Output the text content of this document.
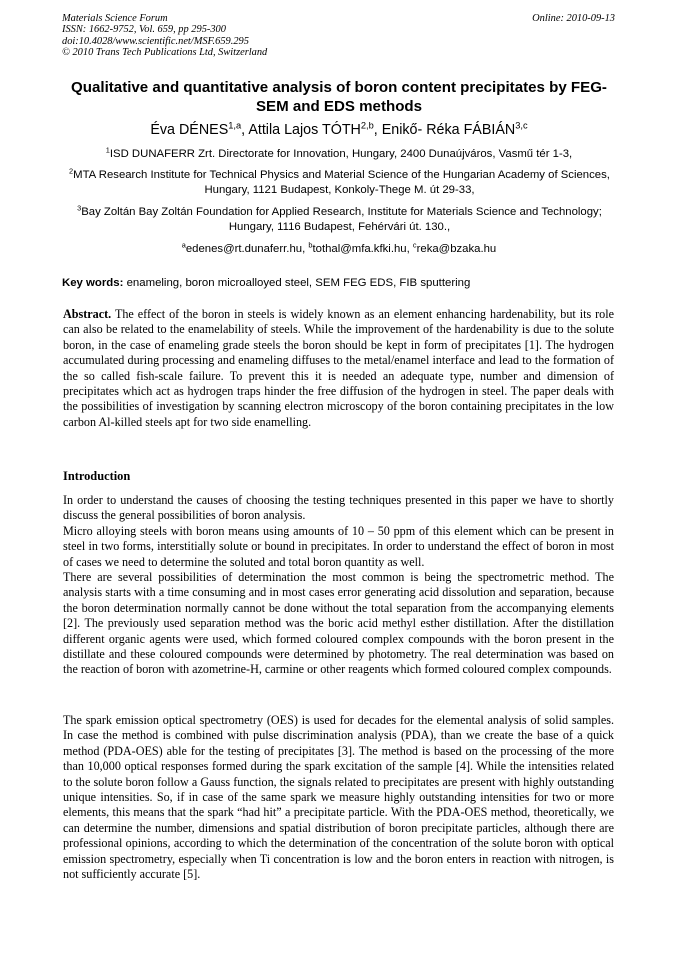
Materials Science Forum
ISSN: 1662-9752, Vol. 659, pp 295-300
doi:10.4028/www.scientific.net/MSF.659.295
© 2010 Trans Tech Publications Ltd, Switzerland
Online: 2010-09-13
Qualitative and quantitative analysis of boron content precipitates by FEG-SEM and EDS methods
Éva DÉNES$^{1,a}$, Attila Lajos TÓTH$^{2,b}$, Enikő- Réka FÁBIÁN$^{3,c}$
$^1$ISD DUNAFERR Zrt. Directorate for Innovation, Hungary, 2400 Dunaújváros, Vasmű tér 1-3,
$^2$MTA Research Institute for Technical Physics and Material Science of the Hungarian Academy of Sciences, Hungary, 1121 Budapest, Konkoly-Thege M. út 29-33,
$^3$Bay Zoltán Bay Zoltán Foundation for Applied Research, Institute for Materials Science and Technology; Hungary, 1116 Budapest, Fehérvári út. 130.,
$^a$edenes@rt.dunaferr.hu, $^b$tothal@mfa.kfki.hu, $^c$reka@bzaka.hu
Key words: enameling, boron microalloyed steel, SEM FEG EDS, FIB sputtering
Abstract. The effect of the boron in steels is widely known as an element enhancing hardenability, but its role can also be related to the enamelability of steels. While the improvement of the hardenability is due to the solute boron, in the case of enameling grade steels the boron should be kept in form of precipitates [1]. The hydrogen accumulated during processing and enameling diffuses to the metal/enamel interface and lead to the formation of the so called fish-scale failure. To prevent this it is needed an adequate type, number and dimension of precipitates which act as hydrogen traps hinder the free diffusion of the hydrogen in steel. The paper deals with the possibilities of investigation by scanning electron microscopy of the boron containing precipitates in the low carbon Al-killed steels apt for two side enamelling.
Introduction
In order to understand the causes of choosing the testing techniques presented in this paper we have to shortly discuss the general possibilities of boron analysis.
Micro alloying steels with boron means using amounts of 10 – 50 ppm of this element which can be present in steel in two forms, interstitially solute or bound in precipitates. In order to understand the effect of boron in most of cases we need to determine the soluted and total boron quantity as well.
There are several possibilities of determination the most common is being the spectrometric method. The analysis starts with a time consuming and in most cases error generating acid dissolution and separation, because the boron determination normally cannot be done without the total separation from the accompanying elements [2]. The previously used separation method was the boric acid methyl esther distillation. After the distillation different organic agents were used, which formed coloured complex compounds with the boron present in the distillate and these coloured compounds were determined by photometry. The real determination was based on the reaction of boron with azometrine-H, carmine or other reagents which formed coloured complex compounds.
The spark emission optical spectrometry (OES) is used for decades for the elemental analysis of solid samples. In case the method is combined with pulse discrimination analysis (PDA), than we create the base of a quick method (PDA-OES) able for the testing of precipitates [3]. The method is based on the processing of the more than 10,000 optical responses formed during the spark excitation of the sample [4]. While the intensities related to the solute boron follow a Gauss function, the signals related to precipitates are present with highly outstanding unique intensities. So, if in case of the same spark we measure highly outstanding intensities for two or more elements, this means that the spark “had hit” a precipitate particle. With the PDA-OES method, theoretically, we can determine the number, dimensions and spatial distribution of boron precipitate particles, although there are professional opinions, according to which the determination of the concentration of the solute boron with optical emission spectrometry, especially when Ti concentration is low and the boron enters in reaction with nitrogen, is not sufficiently accurate [5].
